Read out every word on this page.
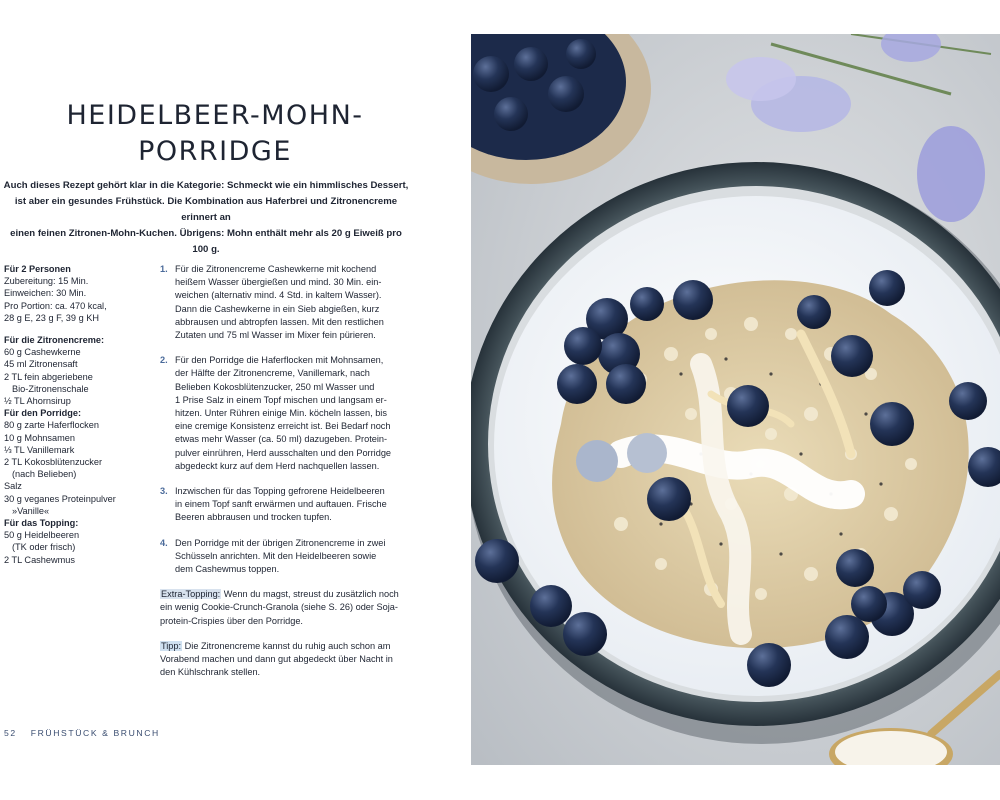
HEIDELBEER-MOHN-
PORRIDGE
Auch dieses Rezept gehört klar in die Kategorie: Schmeckt wie ein himmlisches Dessert,
ist aber ein gesundes Frühstück. Die Kombination aus Haferbrei und Zitronencreme erinnert an
einen feinen Zitronen-Mohn-Kuchen. Übrigens: Mohn enthält mehr als 20 g Eiweiß pro 100 g.
Für 2 Personen
Zubereitung: 15 Min.
Einweichen: 30 Min.
Pro Portion: ca. 470 kcal,
28 g E, 23 g F, 39 g KH
Für die Zitronencreme:
60 g Cashewkerne
45 ml Zitronensaft
2 TL fein abgeriebene
Bio-Zitronenschale
½ TL Ahornsirup
Für den Porridge:
80 g zarte Haferflocken
10 g Mohnsamen
⅓ TL Vanillemark
2 TL Kokosblütenzucker
(nach Belieben)
Salz
30 g veganes Proteinpulver
»Vanille«
Für das Topping:
50 g Heidelbeeren
(TK oder frisch)
2 TL Cashewmus
1. Für die Zitronencreme Cashewkerne mit kochend
heißem Wasser übergießen und mind. 30 Min. ein-
weichen (alternativ mind. 4 Std. in kaltem Wasser).
Dann die Cashewkerne in ein Sieb abgießen, kurz
abbrausen und abtropfen lassen. Mit den restlichen
Zutaten und 75 ml Wasser im Mixer fein pürieren.
2. Für den Porridge die Haferflocken mit Mohnsamen,
der Hälfte der Zitronencreme, Vanillemark, nach
Belieben Kokosblütenzucker, 250 ml Wasser und
1 Prise Salz in einem Topf mischen und langsam er-
hitzen. Unter Rühren einige Min. köcheln lassen, bis
eine cremige Konsistenz erreicht ist. Bei Bedarf noch
etwas mehr Wasser (ca. 50 ml) dazugeben. Protein-
pulver einrühren, Herd ausschalten und den Porridge
abgedeckt kurz auf dem Herd nachquellen lassen.
3. Inzwischen für das Topping gefrorene Heidelbeeren
in einem Topf sanft erwärmen und auftauen. Frische
Beeren abbrausen und trocken tupfen.
4. Den Porridge mit der übrigen Zitronencreme in zwei
Schüsseln anrichten. Mit den Heidelbeeren sowie
dem Cashewmus toppen.
Extra-Topping: Wenn du magst, streust du zusätzlich noch
ein wenig Cookie-Crunch-Granola (siehe S. 26) oder Soja-
protein-Crispies über den Porridge.
Tipp: Die Zitronencreme kannst du ruhig auch schon am
Vorabend machen und dann gut abgedeckt über Nacht in
den Kühlschrank stellen.
52 FRÜHSTÜCK & BRUNCH
